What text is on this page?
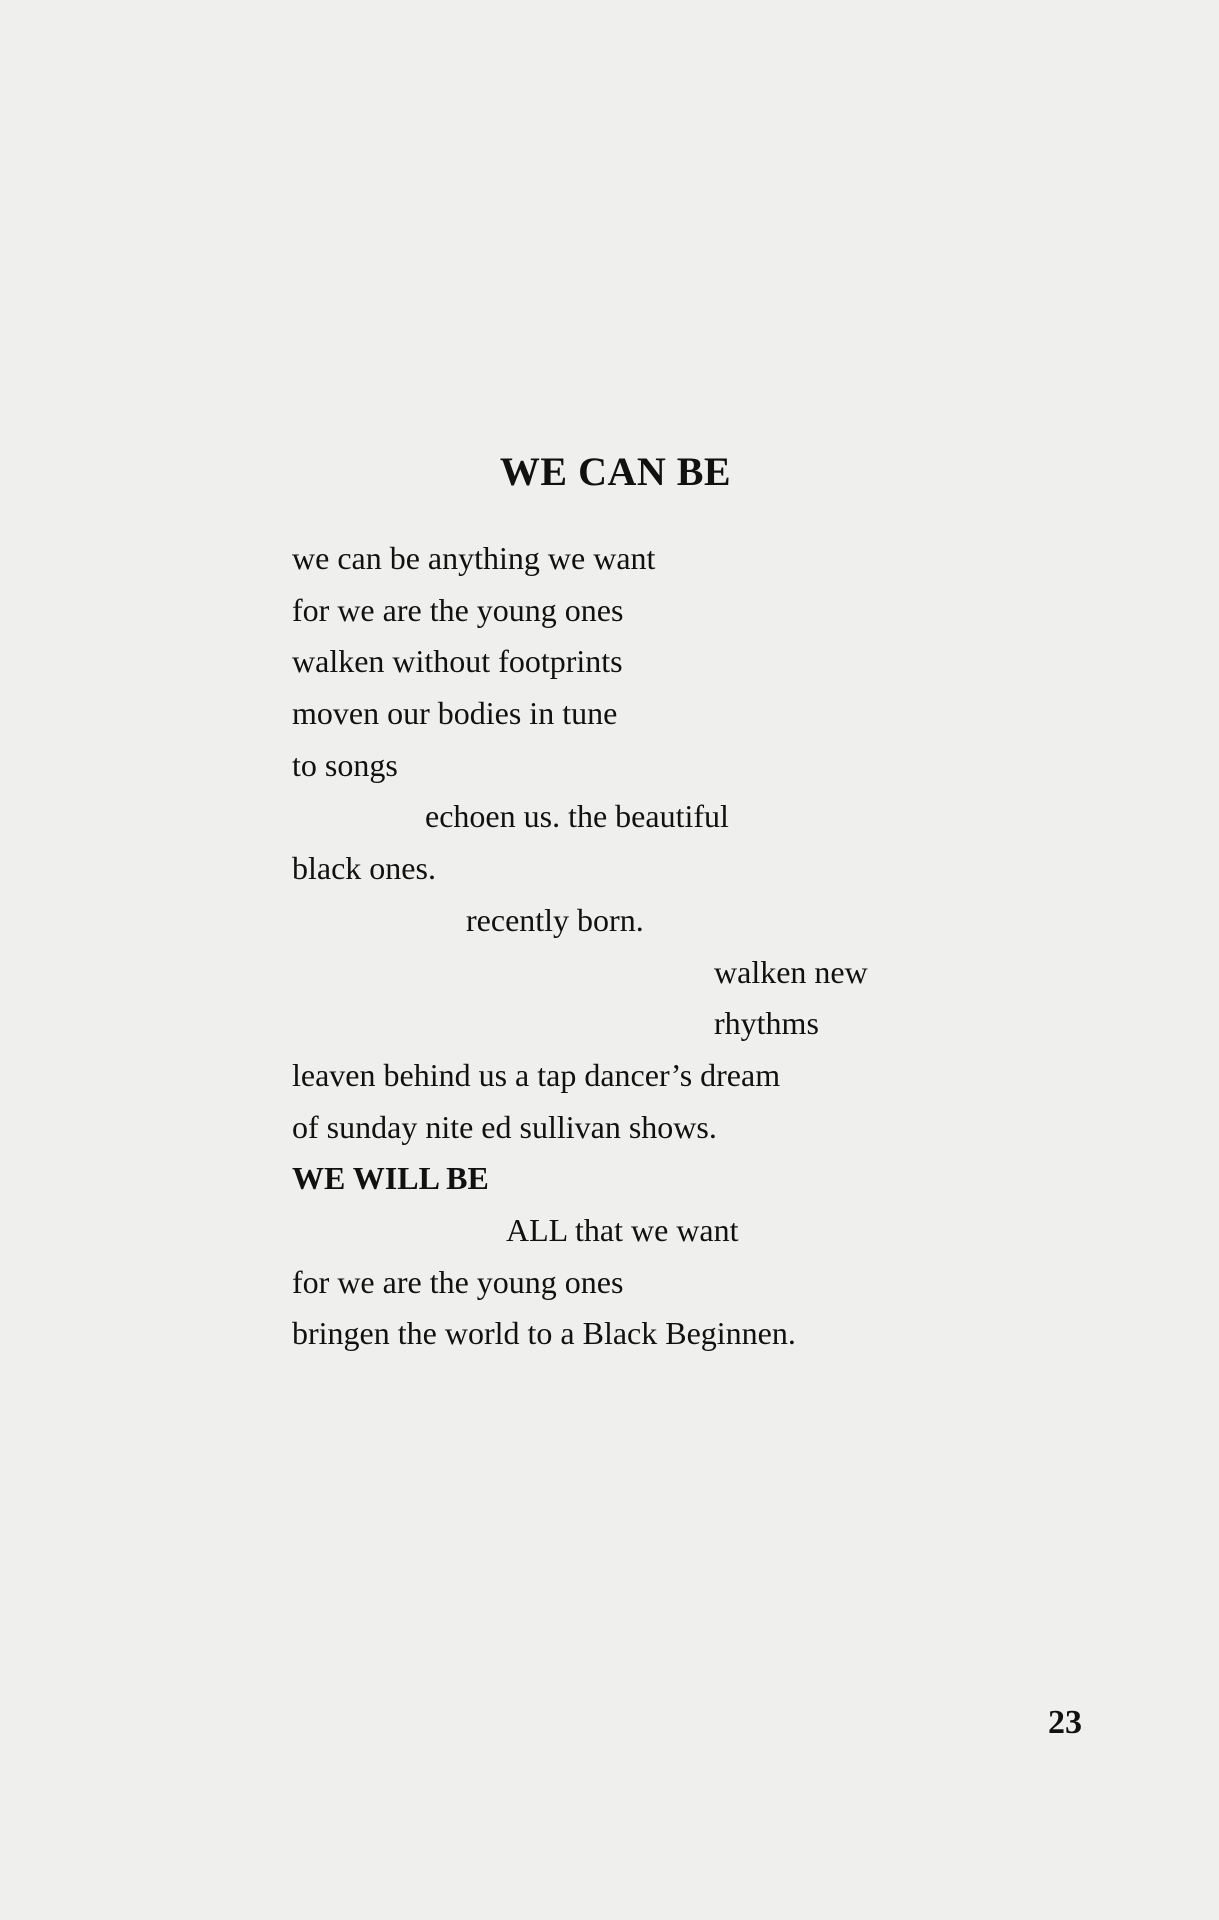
WE CAN BE
we can be anything we want
for we are the young ones
walken without footprints
moven our bodies in tune
to songs
echoen us. the beautiful
black ones.
recently born.
walken new
rhythms
leaven behind us a tap dancer’s dream
of sunday nite ed sullivan shows.
WE WILL BE
ALL that we want
for we are the young ones
bringen the world to a Black Beginnen.

23
